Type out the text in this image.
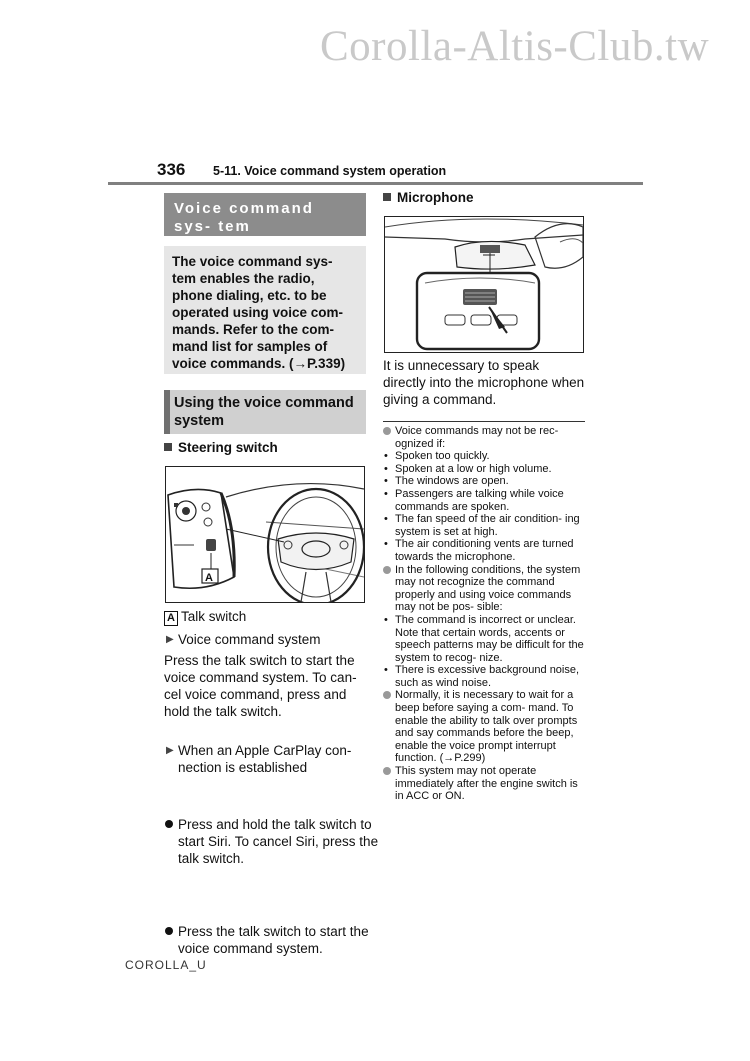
Corolla-Altis-Club.tw
336 5-11. Voice command system operation
Voice command sys- tem
The voice command sys- tem enables the radio, phone dialing, etc. to be operated using voice com- mands. Refer to the com- mand list for samples of voice commands. (→P.339)
Using the voice command system
Steering switch
A
A Talk switch
▶ Voice command system
Press the talk switch to start the voice command system. To can- cel voice command, press and hold the talk switch.
▶ When an Apple CarPlay con- nection is established
Press and hold the talk switch to start Siri. To cancel Siri, press the talk switch.
Press the talk switch to start the voice command system.
Microphone
It is unnecessary to speak directly into the microphone when giving a command.
Voice commands may not be rec- ognized if:
• Spoken too quickly.
• Spoken at a low or high volume.
• The windows are open.
• Passengers are talking while voice commands are spoken.
• The fan speed of the air condition- ing system is set at high.
• The air conditioning vents are turned towards the microphone.
In the following conditions, the system may not recognize the command properly and using voice commands may not be pos- sible:
• The command is incorrect or unclear. Note that certain words, accents or speech patterns may be difficult for the system to recog- nize.
• There is excessive background noise, such as wind noise.
Normally, it is necessary to wait for a beep before saying a com- mand. To enable the ability to talk over prompts and say commands before the beep, enable the voice prompt interrupt function. (→P.299)
This system may not operate immediately after the engine switch is in ACC or ON.
COROLLA_U
